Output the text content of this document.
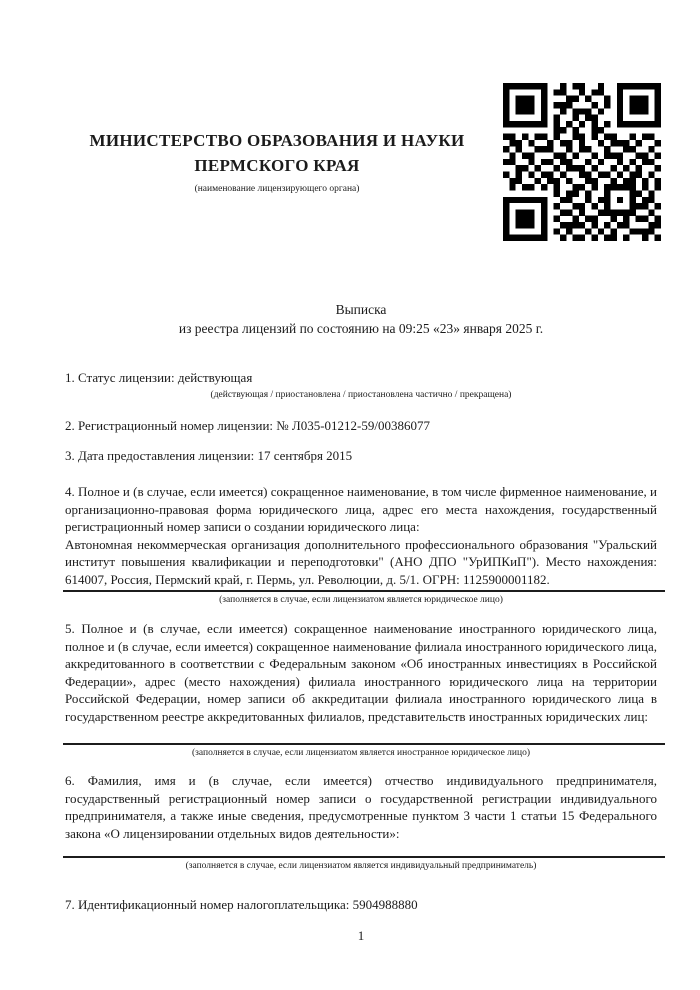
МИНИСТЕРСТВО ОБРАЗОВАНИЯ И НАУКИ
ПЕРМСКОГО КРАЯ
(наименование лицензирующего органа)
Выписка
из реестра лицензий по состоянию на 09:25 «23» января 2025 г.
1. Статус лицензии: действующая
(действующая / приостановлена / приостановлена частично / прекращена)
2. Регистрационный номер лицензии: № Л035-01212-59/00386077
3. Дата предоставления лицензии: 17 сентября 2015

4. Полное и (в случае, если имеется) сокращенное наименование, в том числе фирменное наименование, и организационно-правовая форма юридического лица, адрес его места нахождения, государственный регистрационный номер записи о создании юридического лица:

Автономная некоммерческая организация дополнительного профессионального образования "Уральский институт повышения квалификации и переподготовки" (АНО ДПО "УрИПКиП"). Место нахождения: 614007, Россия, Пермский край, г. Пермь, ул. Революции, д. 5/1. ОГРН: 1125900001182.

(заполняется в случае, если лицензиатом является юридическое лицо)

5. Полное и (в случае, если имеется) сокращенное наименование иностранного юридического лица, полное и (в случае, если имеется) сокращенное наименование филиала иностранного юридического лица, аккредитованного в соответствии с Федеральным законом «Об иностранных инвестициях в Российской Федерации», адрес (место нахождения) филиала иностранного юридического лица на территории Российской Федерации, номер записи об аккредитации филиала иностранного юридического лица в государственном реестре аккредитованных филиалов, представительств иностранных юридических лиц:

(заполняется в случае, если лицензиатом является иностранное юридическое лицо)

6. Фамилия, имя и (в случае, если имеется) отчество индивидуального предпринимателя, государственный регистрационный номер записи о государственной регистрации индивидуального предпринимателя, а также иные сведения, предусмотренные пунктом 3 части 1 статьи 15 Федерального закона «О лицензировании отдельных видов деятельности»:

(заполняется в случае, если лицензиатом является индивидуальный предприниматель)
7. Идентификационный номер налогоплательщика: 5904988880
1
